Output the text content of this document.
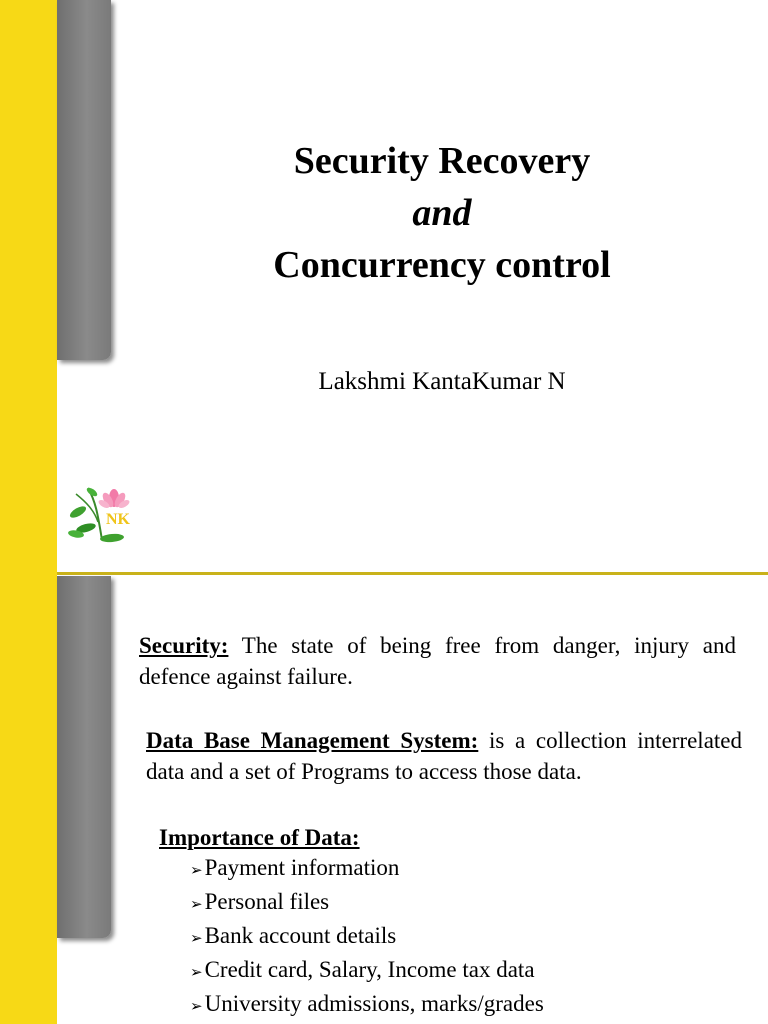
Security Recovery
and
Concurrency control
Lakshmi KantaKumar N
NK
Security: The state of being free from danger, injury and defence against failure.
Data Base Management System: is a collection interrelated data and a set of Programs to access those data.
Importance of Data:
➢ Payment information
➢ Personal files
➢ Bank account details
➢ Credit card, Salary, Income tax data
➢ University admissions, marks/grades
